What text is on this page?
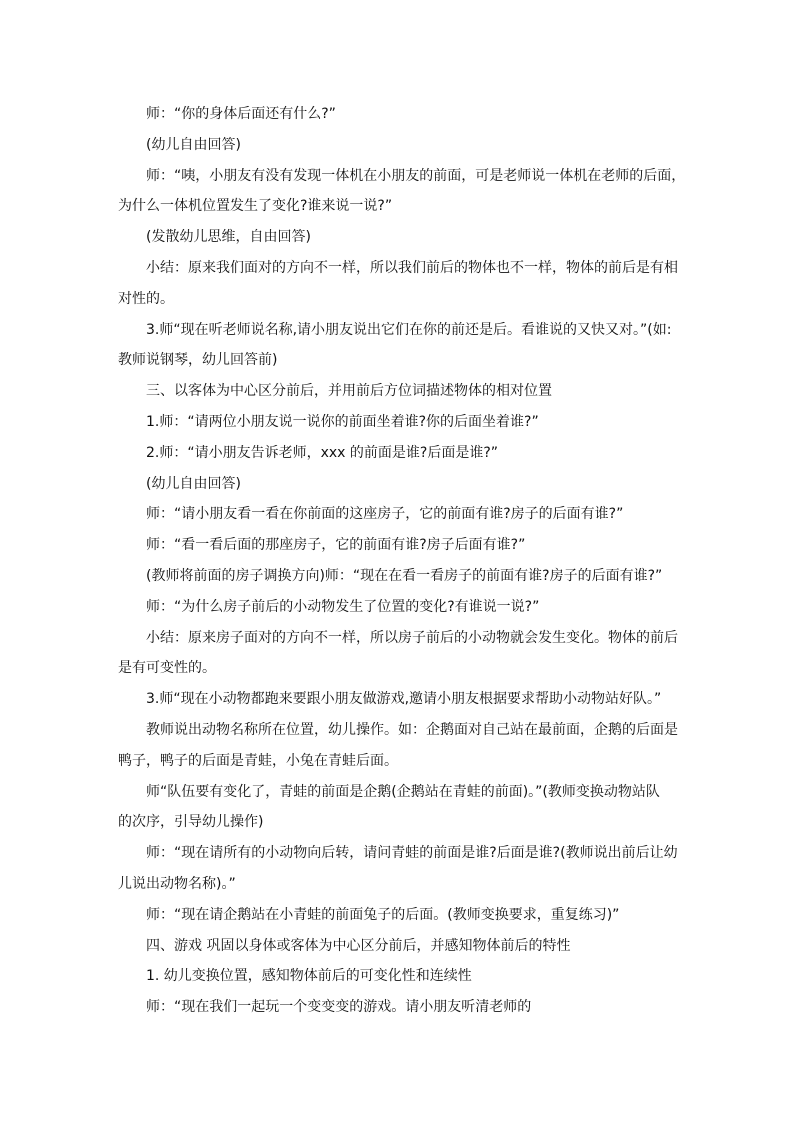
师：“你的身体后面还有什么?”
(幼儿自由回答)
师：“咦，小朋友有没有发现一体机在小朋友的前面，可是老师说一体机在老师的后面，
为什么一体机位置发生了变化?谁来说一说?”
(发散幼儿思维，自由回答)
小结：原来我们面对的方向不一样，所以我们前后的物体也不一样，物体的前后是有相
对性的。
3.师“现在听老师说名称,请小朋友说出它们在你的前还是后。看谁说的又快又对。”(如:
教师说钢琴，幼儿回答前)
三、以客体为中心区分前后，并用前后方位词描述物体的相对位置
1.师：“请两位小朋友说一说你的前面坐着谁?你的后面坐着谁?”
2.师：“请小朋友告诉老师，xxx 的前面是谁?后面是谁?”
(幼儿自由回答)
师：“请小朋友看一看在你前面的这座房子，它的前面有谁?房子的后面有谁?”
师：“看一看后面的那座房子，它的前面有谁?房子后面有谁?”
(教师将前面的房子调换方向)师：“现在在看一看房子的前面有谁?房子的后面有谁?”
师：“为什么房子前后的小动物发生了位置的变化?有谁说一说?”
小结：原来房子面对的方向不一样，所以房子前后的小动物就会发生变化。物体的前后
是有可变性的。
3.师“现在小动物都跑来要跟小朋友做游戏,邀请小朋友根据要求帮助小动物站好队。”
教师说出动物名称所在位置，幼儿操作。如：企鹅面对自己站在最前面，企鹅的后面是
鸭子，鸭子的后面是青蛙，小兔在青蛙后面。
师“队伍要有变化了，青蛙的前面是企鹅(企鹅站在青蛙的前面)。”(教师变换动物站队
的次序，引导幼儿操作)
师：“现在请所有的小动物向后转，请问青蛙的前面是谁?后面是谁?(教师说出前后让幼
儿说出动物名称)。”
师：“现在请企鹅站在小青蛙的前面兔子的后面。(教师变换要求，重复练习)”
四、游戏 巩固以身体或客体为中心区分前后，并感知物体前后的特性
1. 幼儿变换位置，感知物体前后的可变化性和连续性
师：“现在我们一起玩一个变变变的游戏。请小朋友听清老师的
